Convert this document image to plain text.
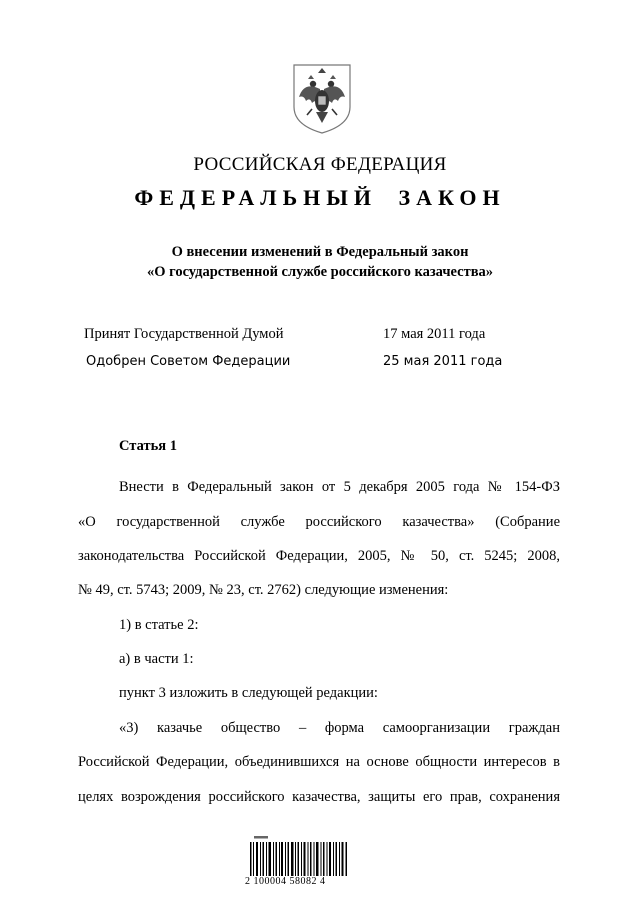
РОССИЙСКАЯ ФЕДЕРАЦИЯ
ФЕДЕРАЛЬНЫЙ ЗАКОН
О внесении изменений в Федеральный закон
«О государственной службе российского казачества»
Принят Государственной Думой	17 мая 2011 года
Одобрен Советом Федерации	25 мая 2011 года
Статья 1
Внести в Федеральный закон от 5 декабря 2005 года № 154-ФЗ
«О государственной службе российского казачества» (Собрание
законодательства Российской Федерации, 2005, № 50, ст. 5245; 2008,
№ 49, ст. 5743; 2009, № 23, ст. 2762) следующие изменения:
1) в статье 2:
а) в части 1:
пункт 3 изложить в следующей редакции:
«3) казачье общество – форма самоорганизации граждан
Российской Федерации, объединившихся на основе общности интересов в
целях возрождения российского казачества, защиты его прав, сохранения
2 100004 58082 4
